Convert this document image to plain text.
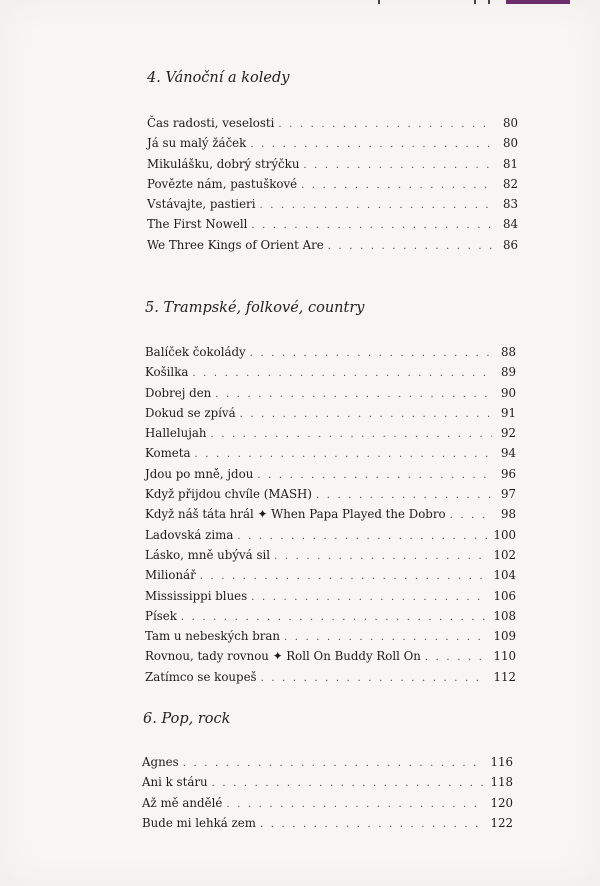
4. Vánoční a koledy
Čas radosti, veselosti . . .	80
Já su malý žáček . . .	80
Mikulášku, dobrý strýčku . . .	81
Povězte nám, pastuškové . . .	82
Vstávajte, pastieri . . .	83
The First Nowell . . .	84
We Three Kings of Orient Are . . .	86
5. Trampské, folkové, country
Balíček čokolády . . .	88
Košilka . . .	89
Dobrej den . . .	90
Dokud se zpívá . . .	91
Hallelujah . . .	92
Kometa . . .	94
Jdou po mně, jdou . . .	96
Když přijdou chvíle (MASH) . . .	97
Když náš táta hrál ✦ When Papa Played the Dobro . . .	98
Ladovská zima . . .	100
Lásko, mně ubývá sil . . .	102
Milionář . . .	104
Mississippi blues . . .	106
Písek . . .	108
Tam u nebeských bran . . .	109
Rovnou, tady rovnou ✦ Roll On Buddy Roll On . . .	110
Zatímco se koupeš . . .	112
6. Pop, rock
Agnes . . .	116
Ani k stáru . . .	118
Až mě andělé . . .	120
Bude mi lehká zem . . .	122
